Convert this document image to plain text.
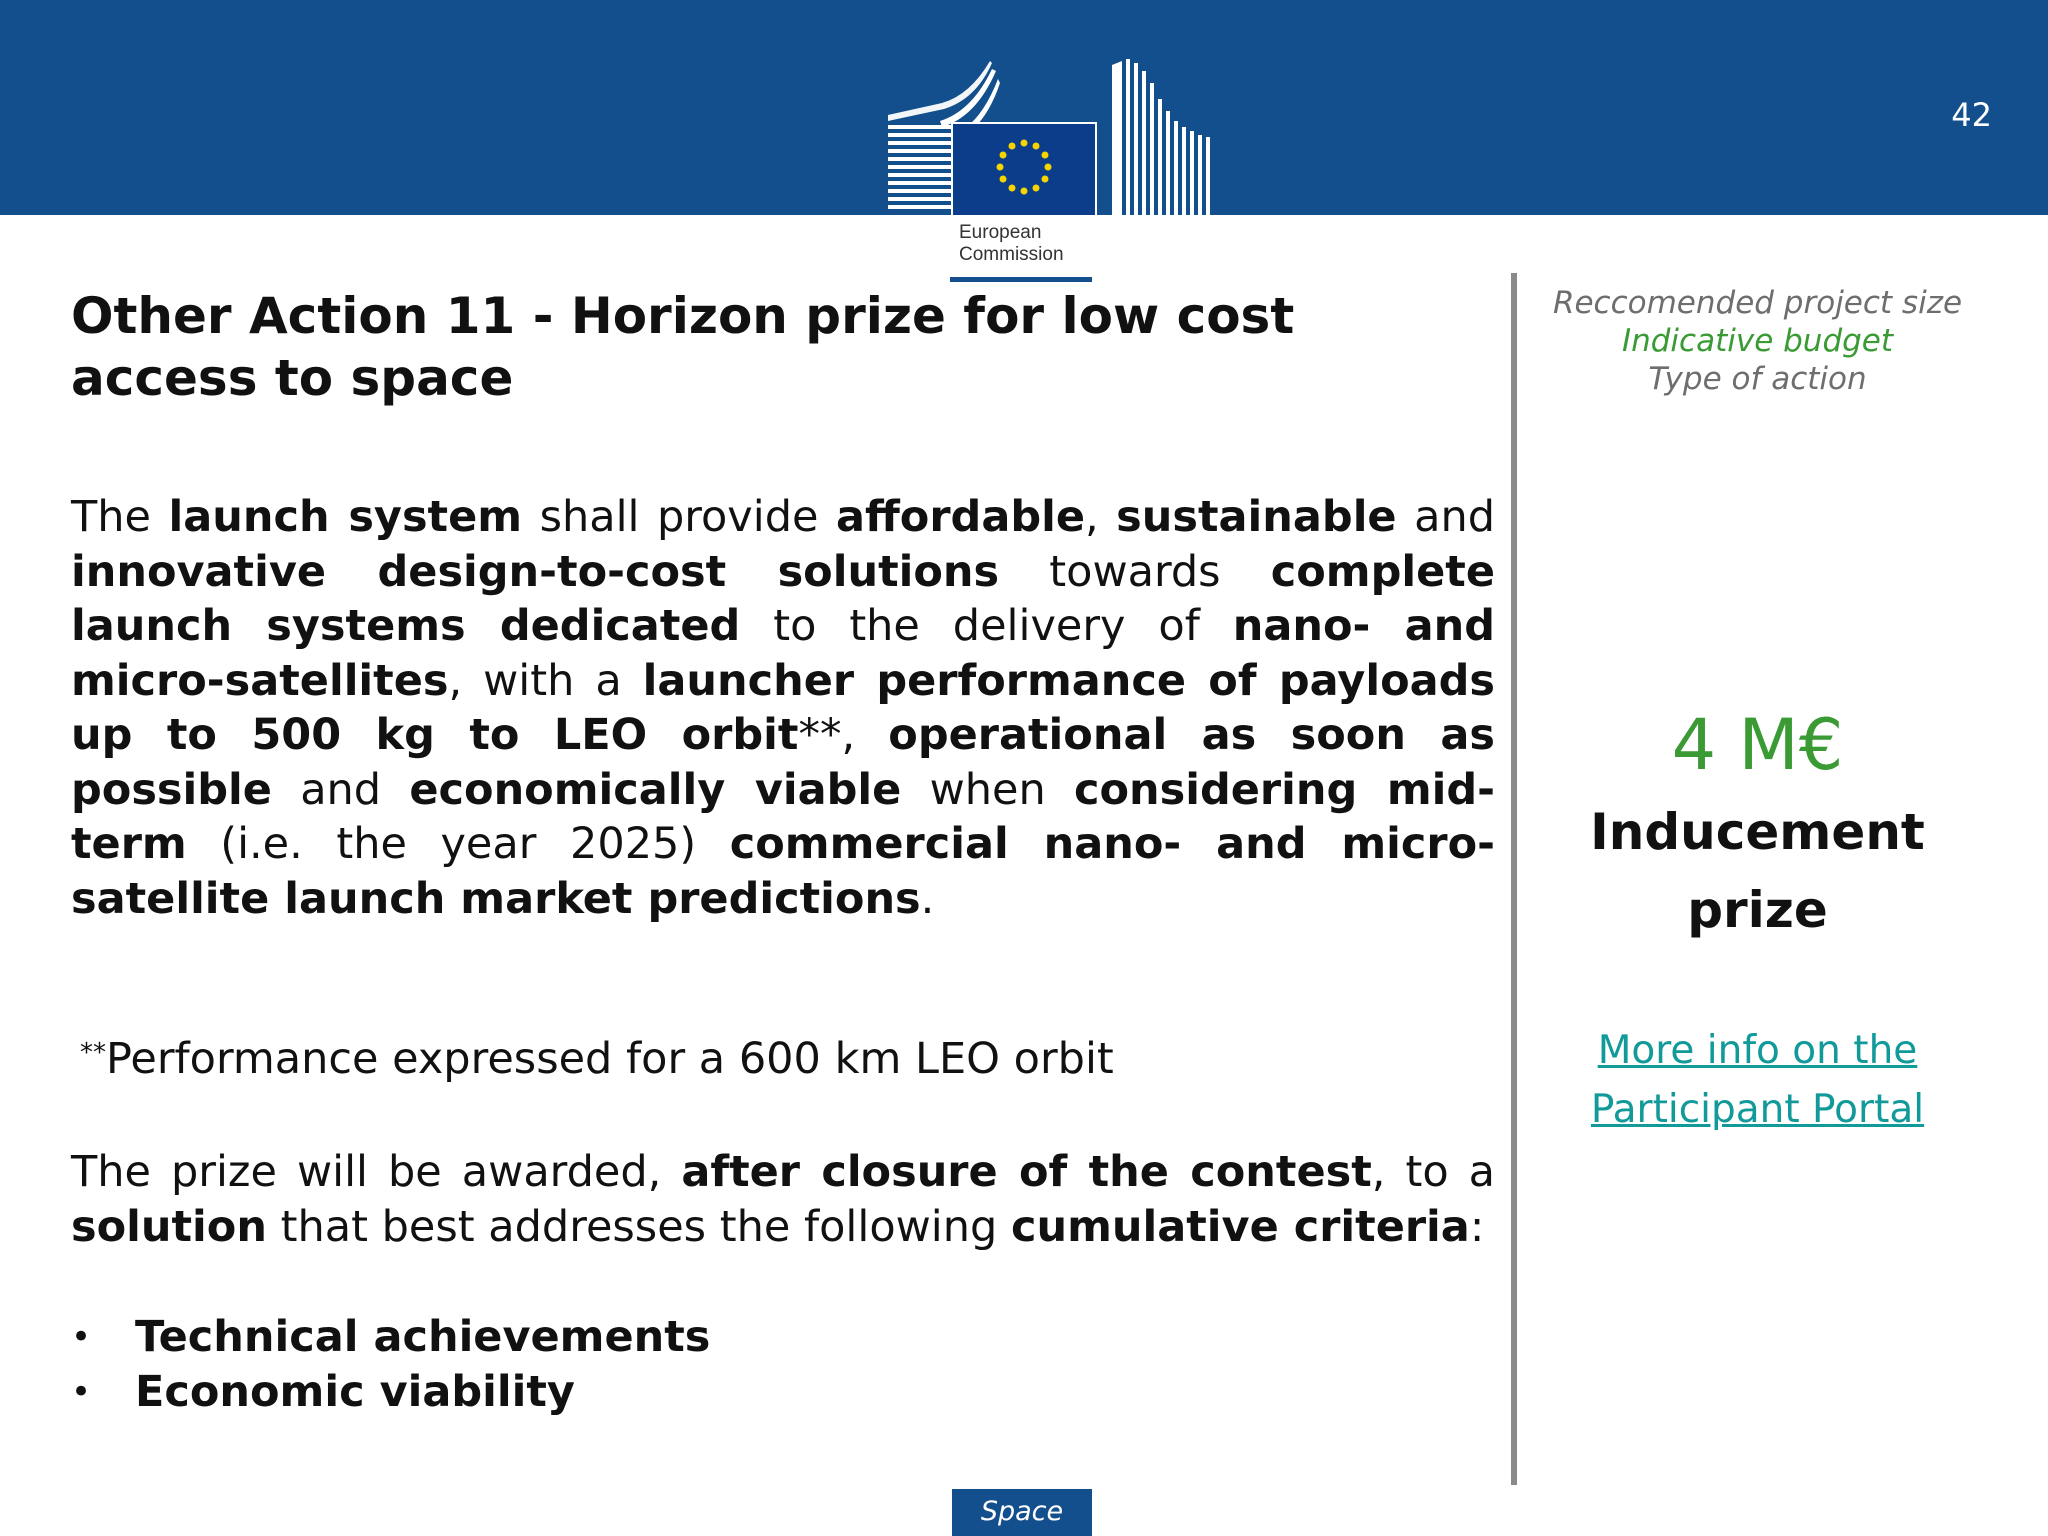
42
European
Commission
Other Action 11 - Horizon prize for low cost
access to space

The launch system shall provide affordable, sustainable and innovative design-to-cost solutions towards complete launch systems dedicated to the delivery of nano- and micro-satellites, with a launcher performance of payloads up to 500 kg to LEO orbit**, operational as soon as possible and economically viable when considering mid-term (i.e. the year 2025) commercial nano- and micro- satellite launch market predictions.

**Performance expressed for a 600 km LEO orbit

The prize will be awarded, after closure of the contest, to a solution that best addresses the following cumulative criteria:

• Technical achievements
• Economic viability
Reccomended project size
Indicative budget
Type of action
4 M€
Inducement
prize
More info on the
Participant Portal
Space
